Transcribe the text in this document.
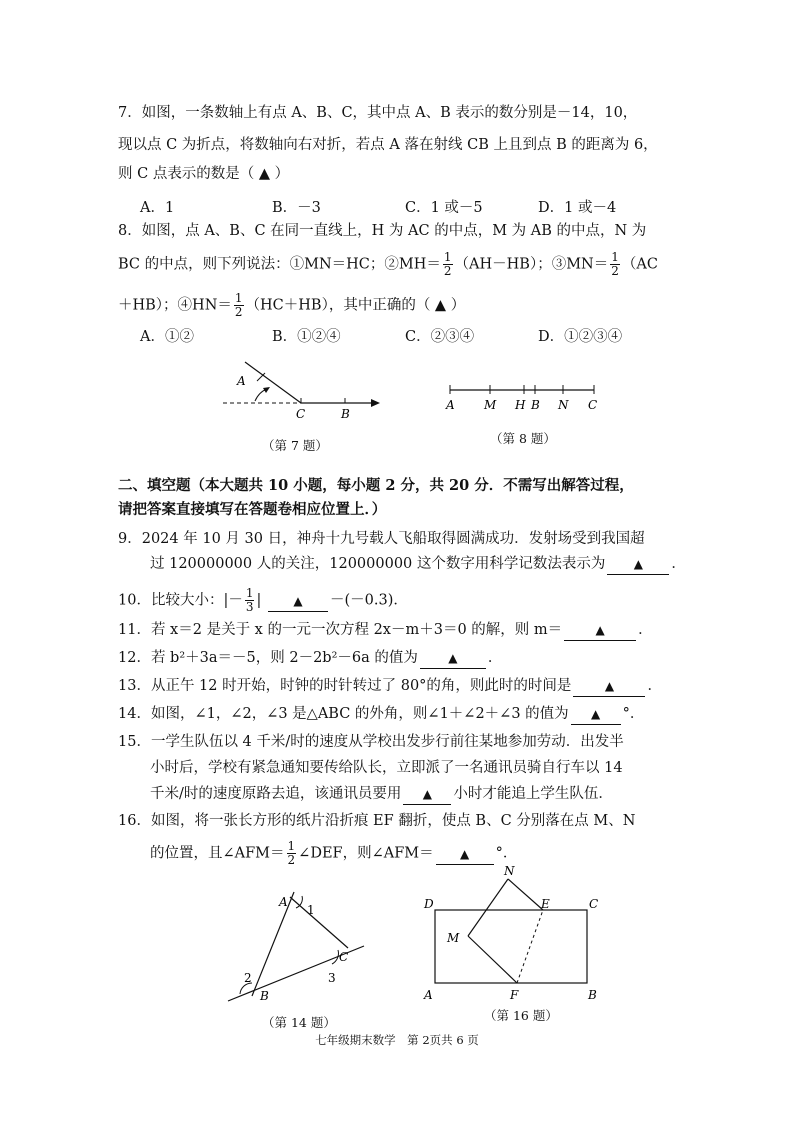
7．如图，一条数轴上有点 A、B、C，其中点 A、B 表示的数分别是－14，10，
现以点 C 为折点，将数轴向右对折，若点 A 落在射线 CB 上且到点 B 的距离为 6，
则 C 点表示的数是（ ▲ ）
A．1	B．－3	C．1 或－5	D．1 或－4
8．如图，点 A、B、C 在同一直线上，H 为 AC 的中点，M 为 AB 的中点，N 为
BC 的中点，则下列说法：①MN＝HC；②MH＝ $\frac{1}{2} (AH-HB)$；③MN＝ $\frac{1}{2} (AC$
＋HB）；④HN＝ $\frac{1}{2} (HC+HB)$，其中正确的（ ▲ ）
A．①②	B．①②④	C．②③④	D．①②③④
A
C	B
（第 7 题）
A M H B N C
（第 8 题）
二、填空题（本大题共 10 小题，每小题 2 分，共 20 分．不需写出解答过程，
请把答案直接填写在答题卷相应位置上．）
9．2024 年 10 月 30 日，神舟十九号载人飞船取得圆满成功．发射场受到我国超
过 120000000 人的关注，120000000 这个数字用科学记数法表示为 ▲ ．
10．比较大小：|－ $\frac{1}{3}$ |	▲ －(－0.3)．
11．若 x＝2 是关于 x 的一元一次方程 2x－m＋3＝0 的解，则 m＝	▲ ．
12．若 b²＋3a＝－5，则 2－2b²－6a 的值为	▲ ．
13．从正午 12 时开始，时钟的时针转过了 80°的角，则此时的时间是	▲ ．
14．如图，∠1，∠2，∠3 是△ABC 的外角，则∠1＋∠2＋∠3 的值为 ▲ °．
15．一学生队伍以 4 千米/时的速度从学校出发步行前往某地参加劳动．出发半
小时后，学校有紧急通知要传给队长，立即派了一名通讯员骑自行车以 14
千米/时的速度原路去追，该通讯员要用 ▲ 小时才能追上学生队伍．
16．如图，将一张长方形的纸片沿折痕 EF 翻折，使点 B、C 分别落在点 M、N
的位置，且∠AFM＝ $\frac{1}{2}$ ∠DEF，则∠AFM＝ ▲ °．
A
1
C
2	3
B
（第 14 题）
N
D	E	C
M
A	F	B
（第 16 题）
七年级期末数学　第 2页共 6 页
